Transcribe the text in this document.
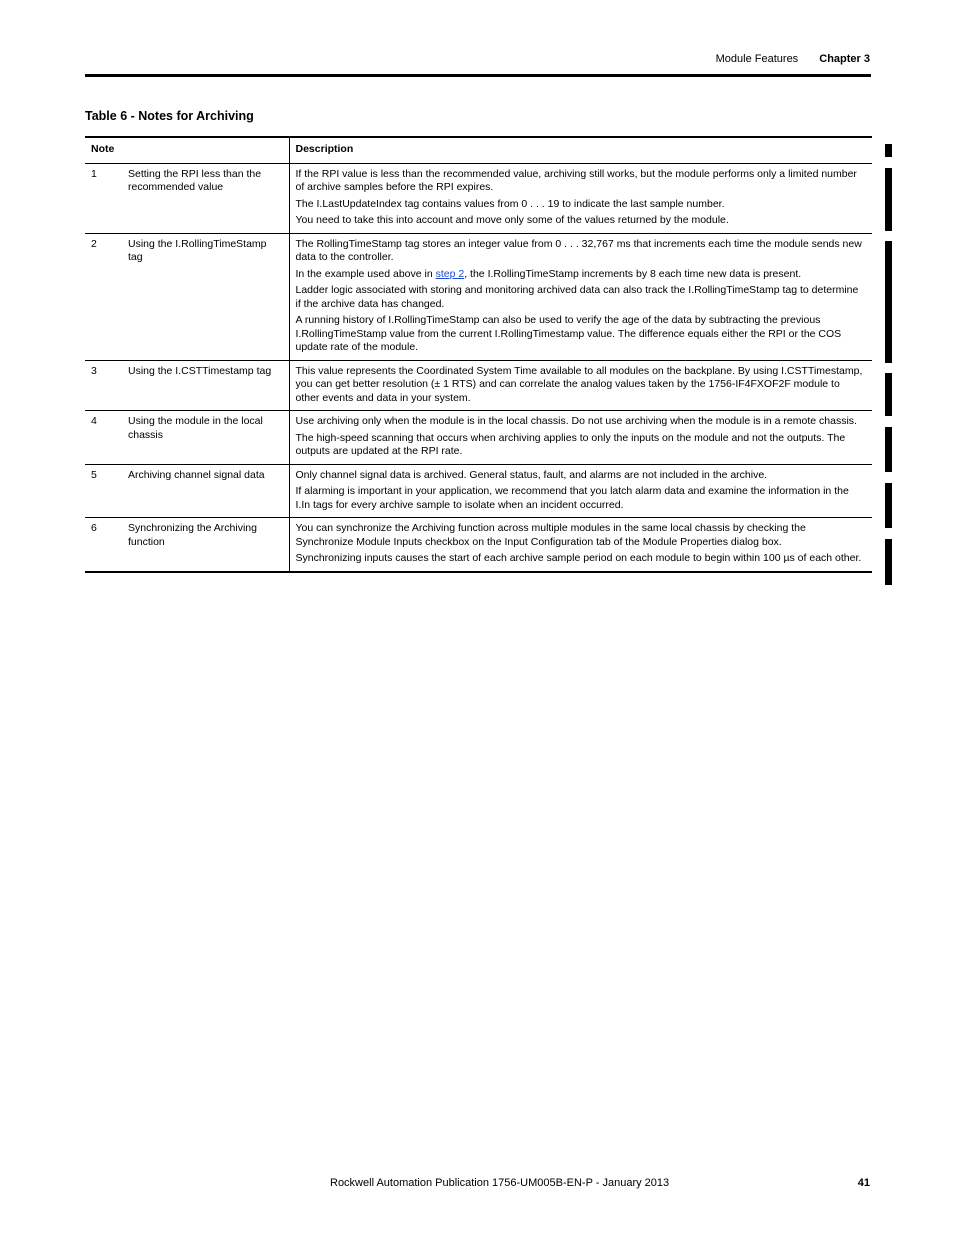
Module Features Chapter 3
Table 6 - Notes for Archiving
Note		Description
1	Setting the RPI less than the recommended value	If the RPI value is less than the recommended value, archiving still works, but the module performs only a limited number of archive samples before the RPI expires.

The I.LastUpdateIndex tag contains values from 0 . . . 19 to indicate the last sample number.

You need to take this into account and move only some of the values returned by the module.

2	Using the I.RollingTimeStamp tag	The RollingTimeStamp tag stores an integer value from 0 . . . 32,767 ms that increments each time the module sends new data to the controller.

In the example used above in step 2, the I.RollingTimeStamp increments by 8 each time new data is present.

Ladder logic associated with storing and monitoring archived data can also track the I.RollingTimeStamp tag to determine if the archive data has changed.

A running history of I.RollingTimeStamp can also be used to verify the age of the data by subtracting the previous I.RollingTimeStamp value from the current I.RollingTimestamp value. The difference equals either the RPI or the COS update rate of the module.

3	Using the I.CSTTimestamp tag	This value represents the Coordinated System Time available to all modules on the backplane. By using I.CSTTimestamp, you can get better resolution (± 1 RTS) and can correlate the analog values taken by the 1756-IF4FXOF2F module to other events and data in your system.

4	Using the module in the local chassis	Use archiving only when the module is in the local chassis. Do not use archiving when the module is in a remote chassis.

The high-speed scanning that occurs when archiving applies to only the inputs on the module and not the outputs. The outputs are updated at the RPI rate.

5	Archiving channel signal data	Only channel signal data is archived. General status, fault, and alarms are not included in the archive.

If alarming is important in your application, we recommend that you latch alarm data and examine the information in the I.In tags for every archive sample to isolate when an incident occurred.

6	Synchronizing the Archiving function	You can synchronize the Archiving function across multiple modules in the same local chassis by checking the Synchronize Module Inputs checkbox on the Input Configuration tab of the Module Properties dialog box.

Synchronizing inputs causes the start of each archive sample period on each module to begin within 100 µs of each other.

Rockwell Automation Publication 1756-UM005B-EN-P - January 2013	41
